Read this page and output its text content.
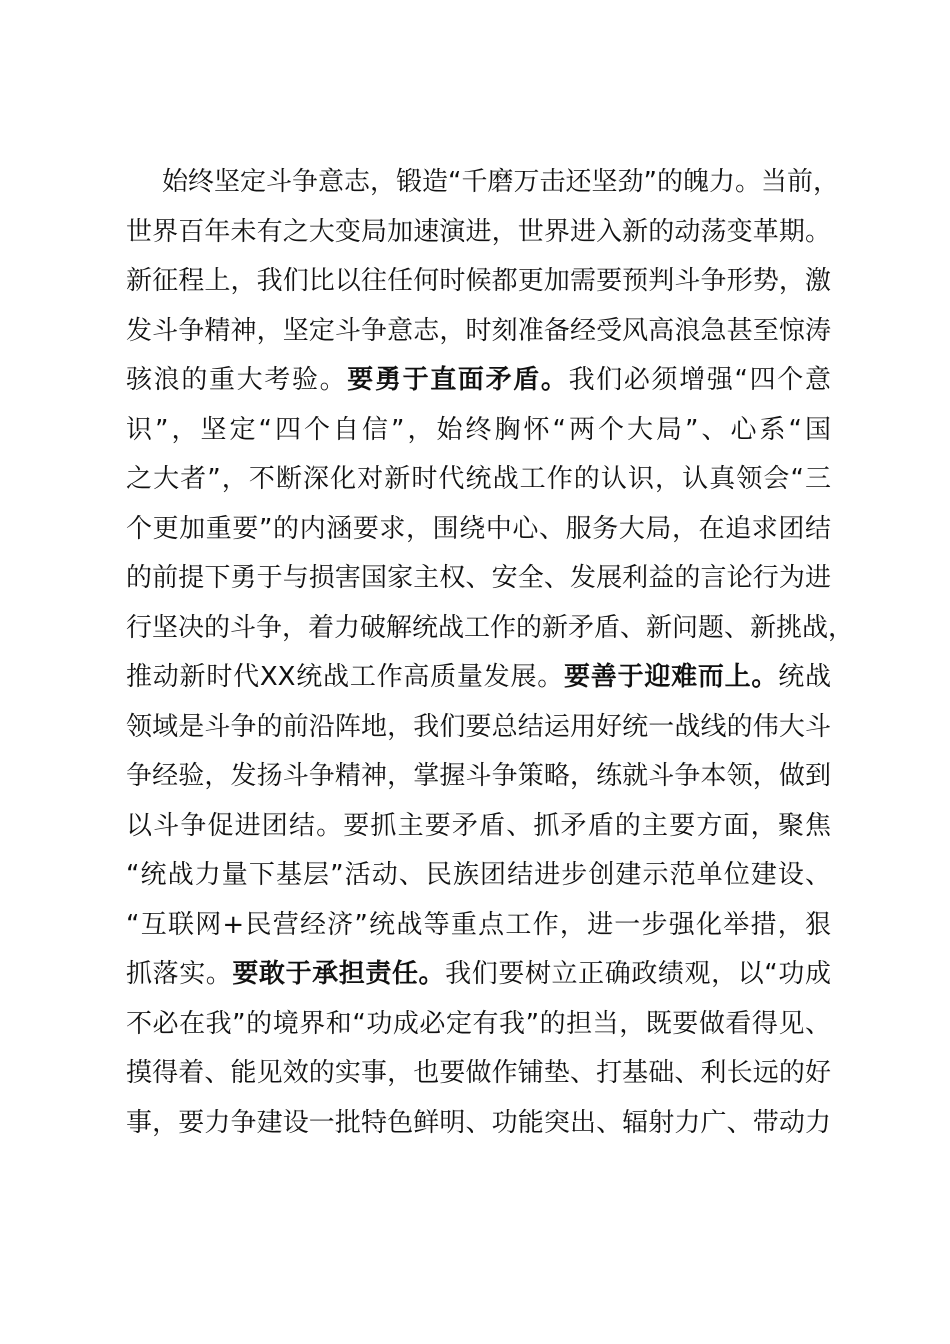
始终坚定斗争意志，锻造“千磨万击还坚劲”的魄力。当前，
世界百年未有之大变局加速演进，世界进入新的动荡变革期。
新征程上，我们比以往任何时候都更加需要预判斗争形势，激
发斗争精神，坚定斗争意志，时刻准备经受风高浪急甚至惊涛
骇浪的重大考验。要勇于直面矛盾。我们必须增强“四个意
识”，坚定“四个自信”，始终胸怀“两个大局”、心系“国
之大者”，不断深化对新时代统战工作的认识，认真领会“三
个更加重要”的内涵要求，围绕中心、服务大局，在追求团结
的前提下勇于与损害国家主权、安全、发展利益的言论行为进
行坚决的斗争，着力破解统战工作的新矛盾、新问题、新挑战，
推动新时代XX统战工作高质量发展。要善于迎难而上。统战
领域是斗争的前沿阵地，我们要总结运用好统一战线的伟大斗
争经验，发扬斗争精神，掌握斗争策略，练就斗争本领，做到
以斗争促进团结。要抓主要矛盾、抓矛盾的主要方面，聚焦
“统战力量下基层”活动、民族团结进步创建示范单位建设、
“互联网+民营经济”统战等重点工作，进一步强化举措，狠
抓落实。要敢于承担责任。我们要树立正确政绩观，以“功成
不必在我”的境界和“功成必定有我”的担当，既要做看得见、
摸得着、能见效的实事，也要做作铺垫、打基础、利长远的好
事，要力争建设一批特色鲜明、功能突出、辐射力广、带动力
